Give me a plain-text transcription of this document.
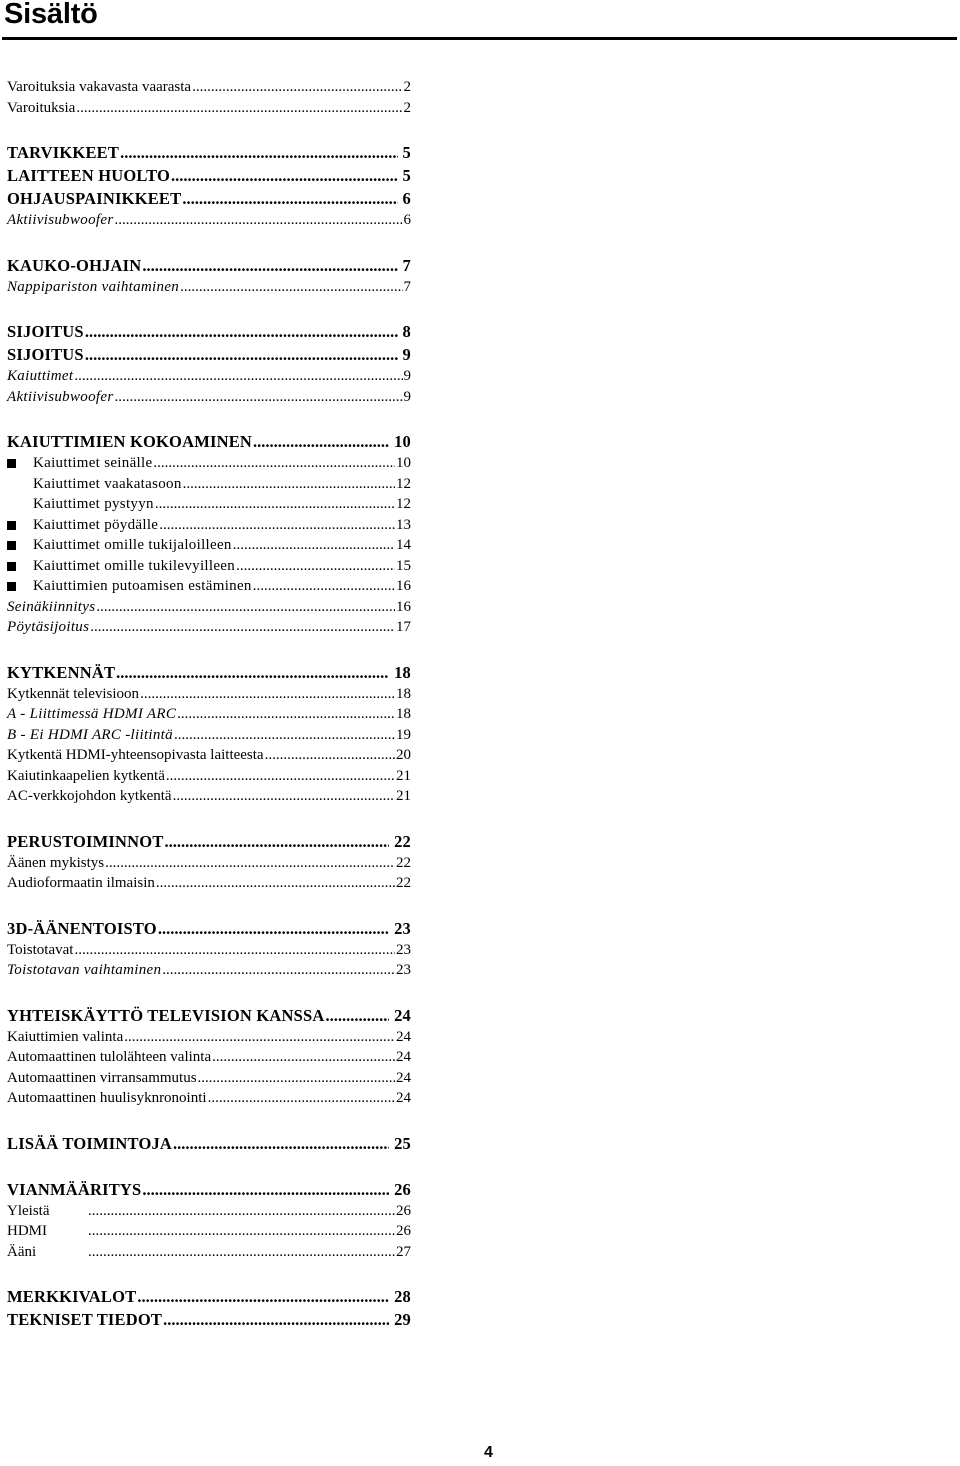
Sisältö
Varoituksia vakavasta vaarasta .....	2
Varoituksia .....	2
TARVIKKEET .....	5
LAITTEEN HUOLTO .....	5
OHJAUSPAINIKKEET .....	6
Aktiivisubwoofer .....	6
KAUKO-OHJAIN .....	7
Nappipariston vaihtaminen .....	7
SIJOITUS .....	8
SIJOITUS .....	9
Kaiuttimet .....	9
Aktiivisubwoofer .....	9
KAIUTTIMIEN KOKOAMINEN .....	10
Kaiuttimet seinälle .....	10
Kaiuttimet vaakatasoon .....	12
Kaiuttimet pystyyn .....	12
Kaiuttimet pöydälle .....	13
Kaiuttimet omille tukijaloilleen .....	14
Kaiuttimet omille tukilevyilleen .....	15
Kaiuttimien putoamisen estäminen .....	16
Seinäkiinnitys .....	16
Pöytäsijoitus .....	17
KYTKENNÄT .....	18
Kytkennät televisioon .....	18
A - Liittimessä HDMI ARC .....	18
B - Ei HDMI ARC -liitintä .....	19
Kytkentä HDMI-yhteensopivasta laitteesta .....	20
Kaiutinkaapelien kytkentä .....	21
AC-verkkojohdon kytkentä .....	21
PERUSTOIMINNOT .....	22
Äänen mykistys .....	22
Audioformaatin ilmaisin .....	22
3D-ÄÄNENTOISTO .....	23
Toistotavat .....	23
Toistotavan vaihtaminen .....	23
YHTEISKÄYTTÖ TELEVISION KANSSA .....	24
Kaiuttimien valinta .....	24
Automaattinen tulolähteen valinta .....	24
Automaattinen virransammutus .....	24
Automaattinen huulisyknronointi .....	24
LISÄÄ TOIMINTOJA .....	25
VIANMÄÄRITYS .....	26
Yleistä .....	26
HDMI .....	26
Ääni .....	27
MERKKIVALOT .....	28
TEKNISET TIEDOT .....	29
4
